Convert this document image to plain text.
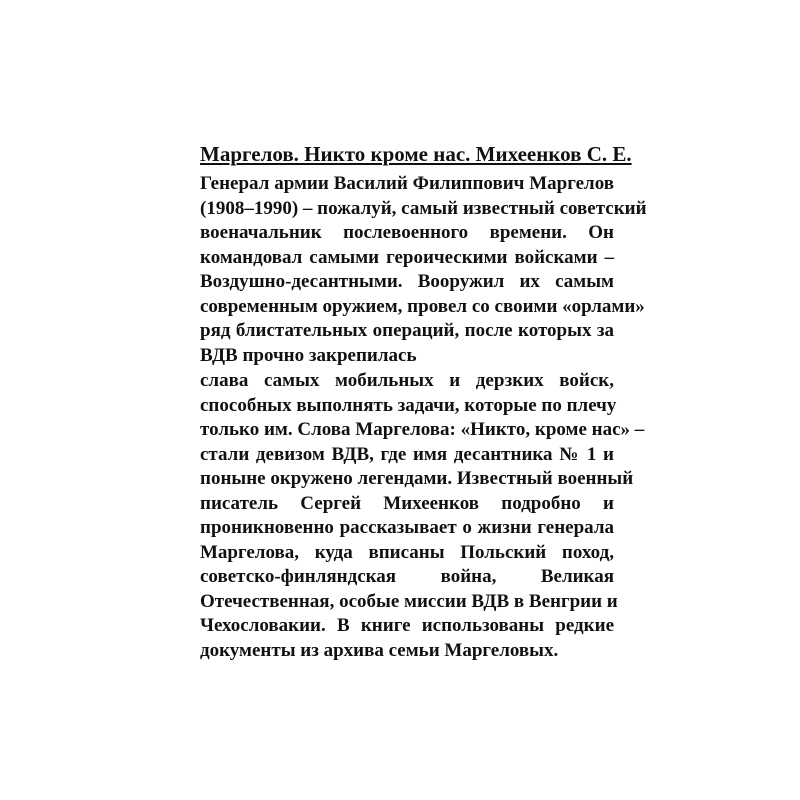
Маргелов. Никто кроме нас. Михеенков С. Е.

Генерал армии Василий Филиппович Маргелов
(1908–1990) – пожалуй, самый известный советский
военачальник послевоенного времени. Он
командовал самыми героическими войсками –
Воздушно-десантными. Вооружил их самым
современным оружием, провел со своими «орлами»
ряд блистательных операций, после которых за
ВДВ прочно закрепилась

слава самых мобильных и дерзких войск,
способных выполнять задачи, которые по плечу
только им. Слова Маргелова: «Никто, кроме нас» –
стали девизом ВДВ, где имя десантника № 1 и
поныне окружено легендами. Известный военный
писатель Сергей Михеенков подробно и
проникновенно рассказывает о жизни генерала
Маргелова, куда вписаны Польский поход,
советско-финляндская война, Великая
Отечественная, особые миссии ВДВ в Венгрии и
Чехословакии. В книге использованы редкие
документы из архива семьи Маргеловых.
